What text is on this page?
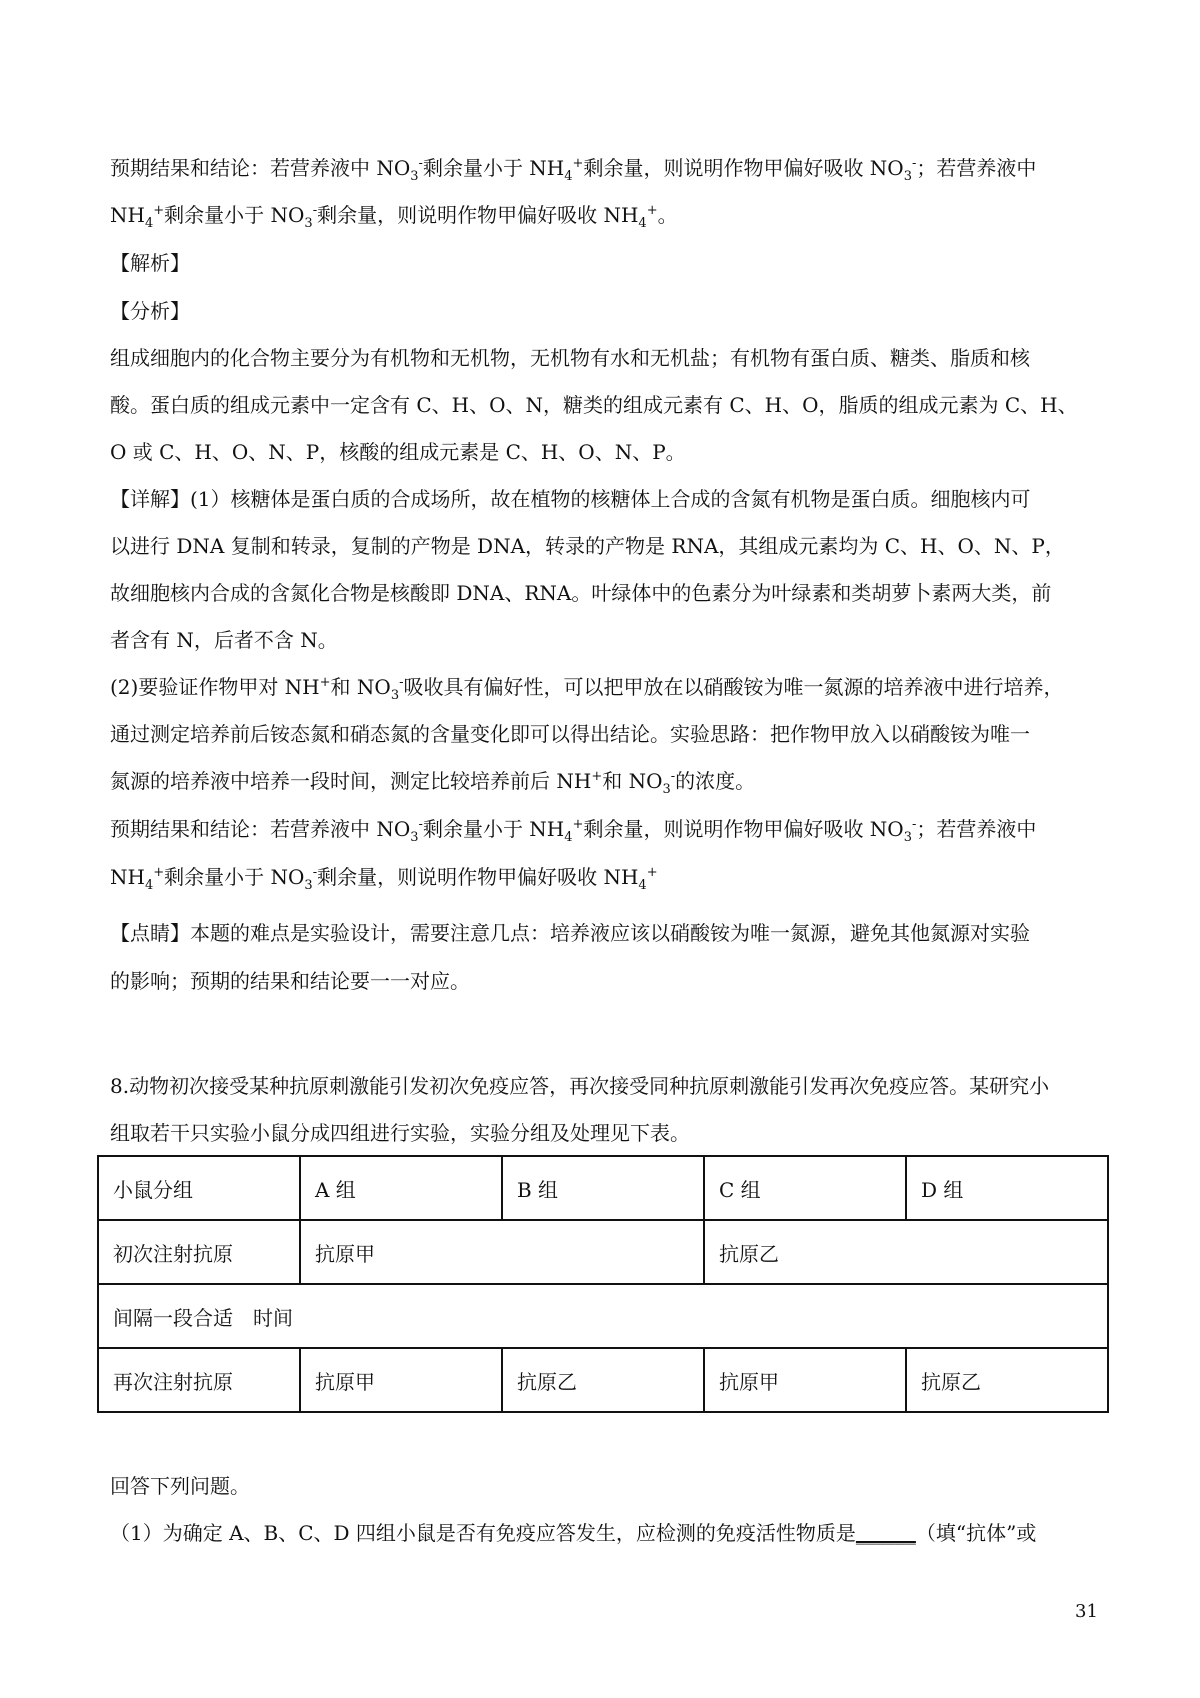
预期结果和结论：若营养液中 $NO_3^-$剩余量小于 $NH_4^+$剩余量，则说明作物甲偏好吸收 $NO_3^-$；若营养液中
$NH_4^+$剩余量小于 $NO_3^-$剩余量，则说明作物甲偏好吸收 $NH_4^+$。
【解析】
【分析】
组成细胞内的化合物主要分为有机物和无机物，无机物有水和无机盐；有机物有蛋白质、糖类、脂质和核
酸。蛋白质的组成元素中一定含有 C、H、O、N，糖类的组成元素有 C、H、O，脂质的组成元素为 C、H、
O 或 C、H、O、N、P，核酸的组成元素是 C、H、O、N、P。
【详解】(1）核糖体是蛋白质的合成场所，故在植物的核糖体上合成的含氮有机物是蛋白质。细胞核内可
以进行 DNA 复制和转录，复制的产物是 DNA，转录的产物是 RNA，其组成元素均为 C、H、O、N、P，
故细胞核内合成的含氮化合物是核酸即 DNA、RNA。叶绿体中的色素分为叶绿素和类胡萝卜素两大类，前
者含有 N，后者不含 N。
(2)要验证作物甲对 NH+和 $NO_3^-$吸收具有偏好性，可以把甲放在以硝酸铵为唯一氮源的培养液中进行培养，
通过测定培养前后铵态氮和硝态氮的含量变化即可以得出结论。实验思路：把作物甲放入以硝酸铵为唯一
氮源的培养液中培养一段时间，测定比较培养前后 NH+和 $NO_3^-$的浓度。
预期结果和结论：若营养液中 $NO_3^-$剩余量小于 $NH_4^+$剩余量，则说明作物甲偏好吸收 $NO_3^-$；若营养液中
$NH_4^+$剩余量小于 $NO_3^-$剩余量，则说明作物甲偏好吸收 $NH_4^+$
【点睛】本题的难点是实验设计，需要注意几点：培养液应该以硝酸铵为唯一氮源，避免其他氮源对实验
的影响；预期的结果和结论要一一对应。
8.动物初次接受某种抗原刺激能引发初次免疫应答，再次接受同种抗原刺激能引发再次免疫应答。某研究小
组取若干只实验小鼠分成四组进行实验，实验分组及处理见下表。
小鼠分组	A 组	B 组	C 组	D 组
初次注射抗原	抗原甲		抗原乙	
间隔一段合适　时间				
再次注射抗原	抗原甲	抗原乙	抗原甲	抗原乙
回答下列问题。
（1）为确定 A、B、C、D 四组小鼠是否有免疫应答发生，应检测的免疫活性物质是______（填“抗体”或
31
